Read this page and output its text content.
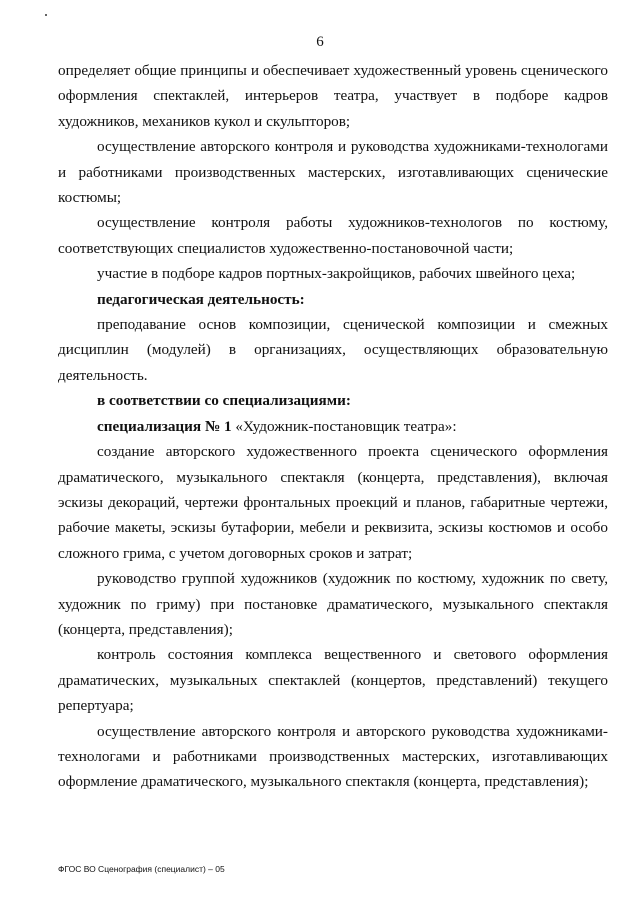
6

определяет общие принципы и обеспечивает художественный уровень сценического оформления спектаклей, интерьеров театра, участвует в подборе кадров художников, механиков кукол и скульпторов;

осуществление авторского контроля и руководства художниками-технологами и работниками производственных мастерских, изготавливающих сценические костюмы;

осуществление контроля работы художников-технологов по костюму, соответствующих специалистов художественно-постановочной части;

участие в подборе кадров портных-закройщиков, рабочих швейного цеха;

педагогическая деятельность:

преподавание основ композиции, сценической композиции и смежных дисциплин (модулей) в организациях, осуществляющих образовательную деятельность.

в соответствии со специализациями:

специализация № 1 «Художник-постановщик театра»:

создание авторского художественного проекта сценического оформления драматического, музыкального спектакля (концерта, представления), включая эскизы декораций, чертежи фронтальных проекций и планов, габаритные чертежи, рабочие макеты, эскизы бутафории, мебели и реквизита, эскизы костюмов и особо сложного грима, с учетом договорных сроков и затрат;

руководство группой художников (художник по костюму, художник по свету, художник по гриму) при постановке драматического, музыкального спектакля (концерта, представления);

контроль состояния комплекса вещественного и светового оформления драматических, музыкальных спектаклей (концертов, представлений) текущего репертуара;

осуществление авторского контроля и авторского руководства художниками-технологами и работниками производственных мастерских, изготавливающих оформление драматического, музыкального спектакля (концерта, представления);

ФГОС ВО Сценография (специалист) – 05
